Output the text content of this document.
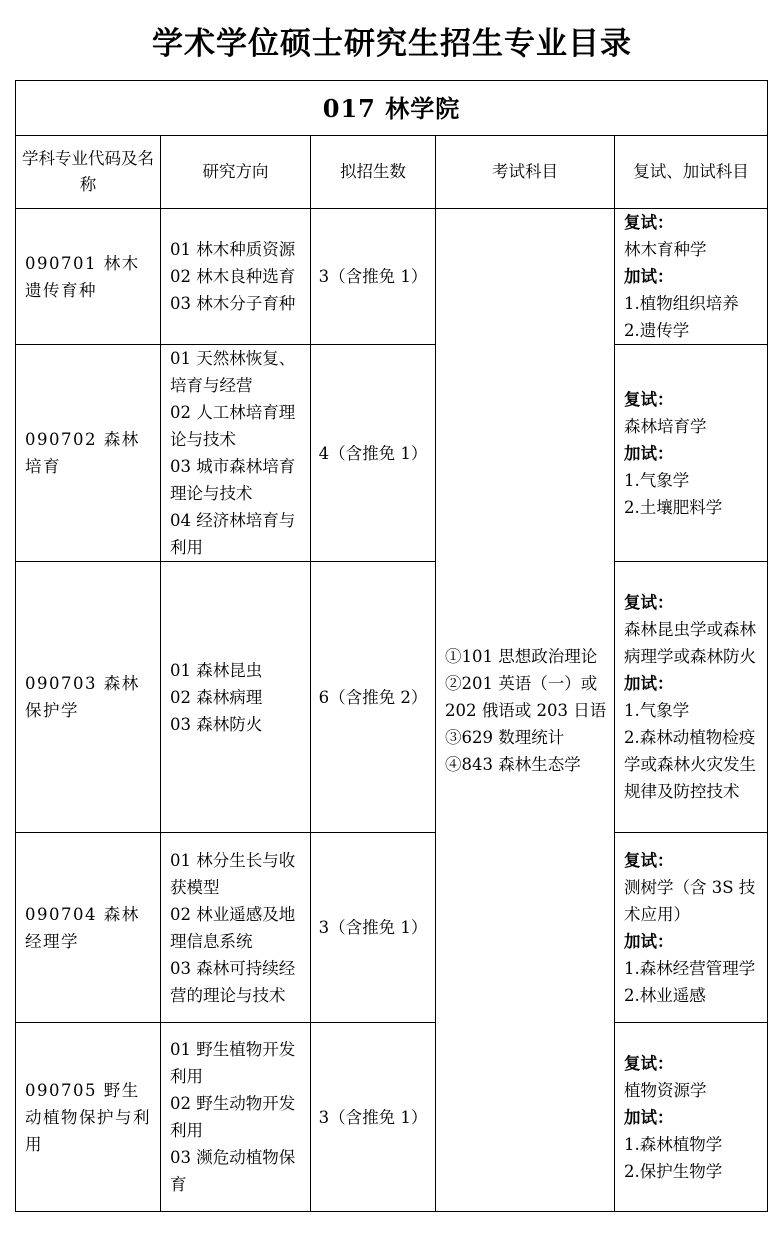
学术学位硕士研究生招生专业目录
017 林学院				
学科专业代码及名称	研究方向	拟招生数	考试科目	复试、加试科目
090701 林木遗传育种	01 林木种质资源
02 林木良种选育
03 林木分子育种	3（含推免 1）	①101 思想政治理论
②201 英语（一）或202 俄语或 203 日语
③629 数理统计
④843 森林生态学	复试：
林木育种学
加试：
1.植物组织培养
2.遗传学

090702 森林培育	01 天然林恢复、培育与经营
02 人工林培育理论与技术
03 城市森林培育理论与技术
04 经济林培育与利用	4（含推免 1）		复试：
森林培育学
加试：
1.气象学
2.土壤肥料学

090703 森林保护学	01 森林昆虫
02 森林病理
03 森林防火	6（含推免 2）		复试：
森林昆虫学或森林病理学或森林防火
加试：
1.气象学
2.森林动植物检疫学或森林火灾发生规律及防控技术

090704 森林经理学	01 林分生长与收获模型
02 林业遥感及地理信息系统
03 森林可持续经营的理论与技术	3（含推免 1）		复试：
测树学（含 3S 技术应用）
加试：
1.森林经营管理学
2.林业遥感

090705 野生动植物保护与利用	01 野生植物开发利用
02 野生动物开发利用
03 濒危动植物保育	3（含推免 1）		复试：
植物资源学
加试：
1.森林植物学
2.保护生物学
